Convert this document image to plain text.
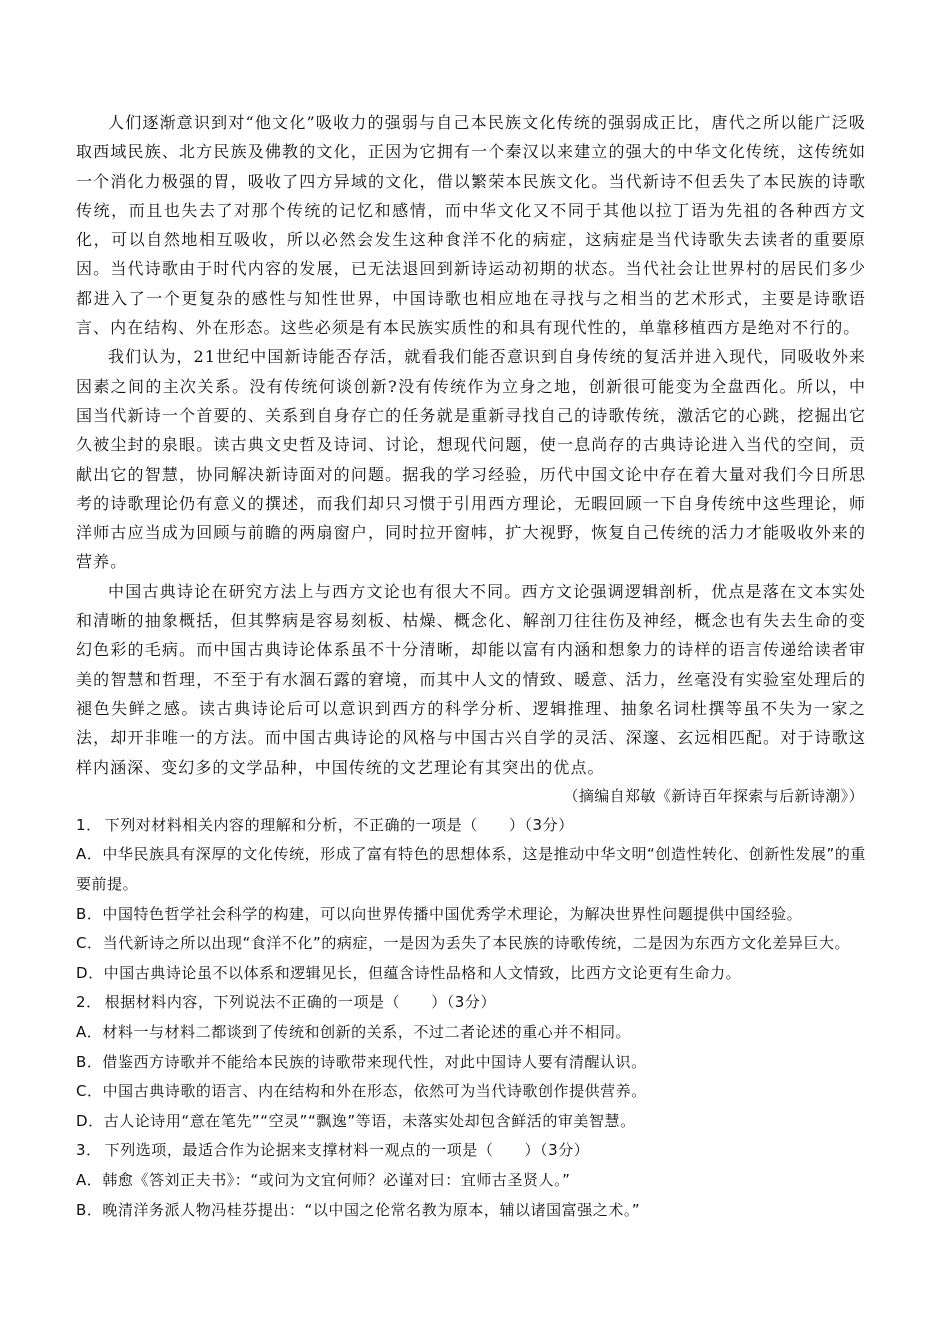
人们逐渐意识到对“他文化”吸收力的强弱与自己本民族文化传统的强弱成正比，唐代之所以能广泛吸取西域民族、北方民族及佛教的文化，正因为它拥有一个秦汉以来建立的强大的中华文化传统，这传统如一个消化力极强的胃，吸收了四方异域的文化，借以繁荣本民族文化。当代新诗不但丢失了本民族的诗歌传统，而且也失去了对那个传统的记忆和感情，而中华文化又不同于其他以拉丁语为先祖的各种西方文化，可以自然地相互吸收，所以必然会发生这种食洋不化的病症，这病症是当代诗歌失去读者的重要原因。当代诗歌由于时代内容的发展，已无法退回到新诗运动初期的状态。当代社会让世界村的居民们多少都进入了一个更复杂的感性与知性世界，中国诗歌也相应地在寻找与之相当的艺术形式，主要是诗歌语言、内在结构、外在形态。这些必须是有本民族实质性的和具有现代性的，单靠移植西方是绝对不行的。

我们认为，21世纪中国新诗能否存活，就看我们能否意识到自身传统的复活并进入现代，同吸收外来因素之间的主次关系。没有传统何谈创新?没有传统作为立身之地，创新很可能变为全盘西化。所以，中国当代新诗一个首要的、关系到自身存亡的任务就是重新寻找自己的诗歌传统，激活它的心跳，挖掘出它久被尘封的泉眼。读古典文史哲及诗词、讨论，想现代问题，使一息尚存的古典诗论进入当代的空间，贡献出它的智慧，协同解决新诗面对的问题。据我的学习经验，历代中国文论中存在着大量对我们今日所思考的诗歌理论仍有意义的撰述，而我们却只习惯于引用西方理论，无暇回顾一下自身传统中这些理论，师洋师古应当成为回顾与前瞻的两扇窗户，同时拉开窗帏，扩大视野，恢复自己传统的活力才能吸收外来的营养。

中国古典诗论在研究方法上与西方文论也有很大不同。西方文论强调逻辑剖析，优点是落在文本实处和清晰的抽象概括，但其弊病是容易刻板、枯燥、概念化、解剖刀往往伤及神经，概念也有失去生命的变幻色彩的毛病。而中国古典诗论体系虽不十分清晰，却能以富有内涵和想象力的诗样的语言传递给读者审美的智慧和哲理，不至于有水涸石露的窘境，而其中人文的情致、暖意、活力，丝毫没有实验室处理后的褪色失鲜之感。读古典诗论后可以意识到西方的科学分析、逻辑推理、抽象名词杜撰等虽不失为一家之法，却开非唯一的方法。而中国古典诗论的风格与中国古兴自学的灵活、深邃、玄远相匹配。对于诗歌这样内涵深、变幻多的文学品种，中国传统的文艺理论有其突出的优点。

（摘编自郑敏《新诗百年探索与后新诗潮》）

1． 下列对材料相关内容的理解和分析，不正确的一项是（　　）（3分）

A．中华民族具有深厚的文化传统，形成了富有特色的思想体系，这是推动中华文明“创造性转化、创新性发展”的重要前提。

B．中国特色哲学社会科学的构建，可以向世界传播中国优秀学术理论，为解决世界性问题提供中国经验。

C．当代新诗之所以出现“食洋不化”的病症，一是因为丢失了本民族的诗歌传统，二是因为东西方文化差异巨大。

D．中国古典诗论虽不以体系和逻辑见长，但蕴含诗性品格和人文情致，比西方文论更有生命力。

2． 根据材料内容，下列说法不正确的一项是（　　）（3分）

A．材料一与材料二都谈到了传统和创新的关系，不过二者论述的重心并不相同。

B．借鉴西方诗歌并不能给本民族的诗歌带来现代性，对此中国诗人要有清醒认识。

C．中国古典诗歌的语言、内在结构和外在形态，依然可为当代诗歌创作提供营养。

D．古人论诗用“意在笔先”“空灵”“飘逸”等语，未落实处却包含鲜活的审美智慧。

3． 下列选项，最适合作为论据来支撑材料一观点的一项是（　　）（3分）

A．韩愈《答刘正夫书》：“或问为文宜何师？必谨对曰：宜师古圣贤人。”

B．晚清洋务派人物冯桂芬提出：“以中国之伦常名教为原本，辅以诸国富强之术。”
